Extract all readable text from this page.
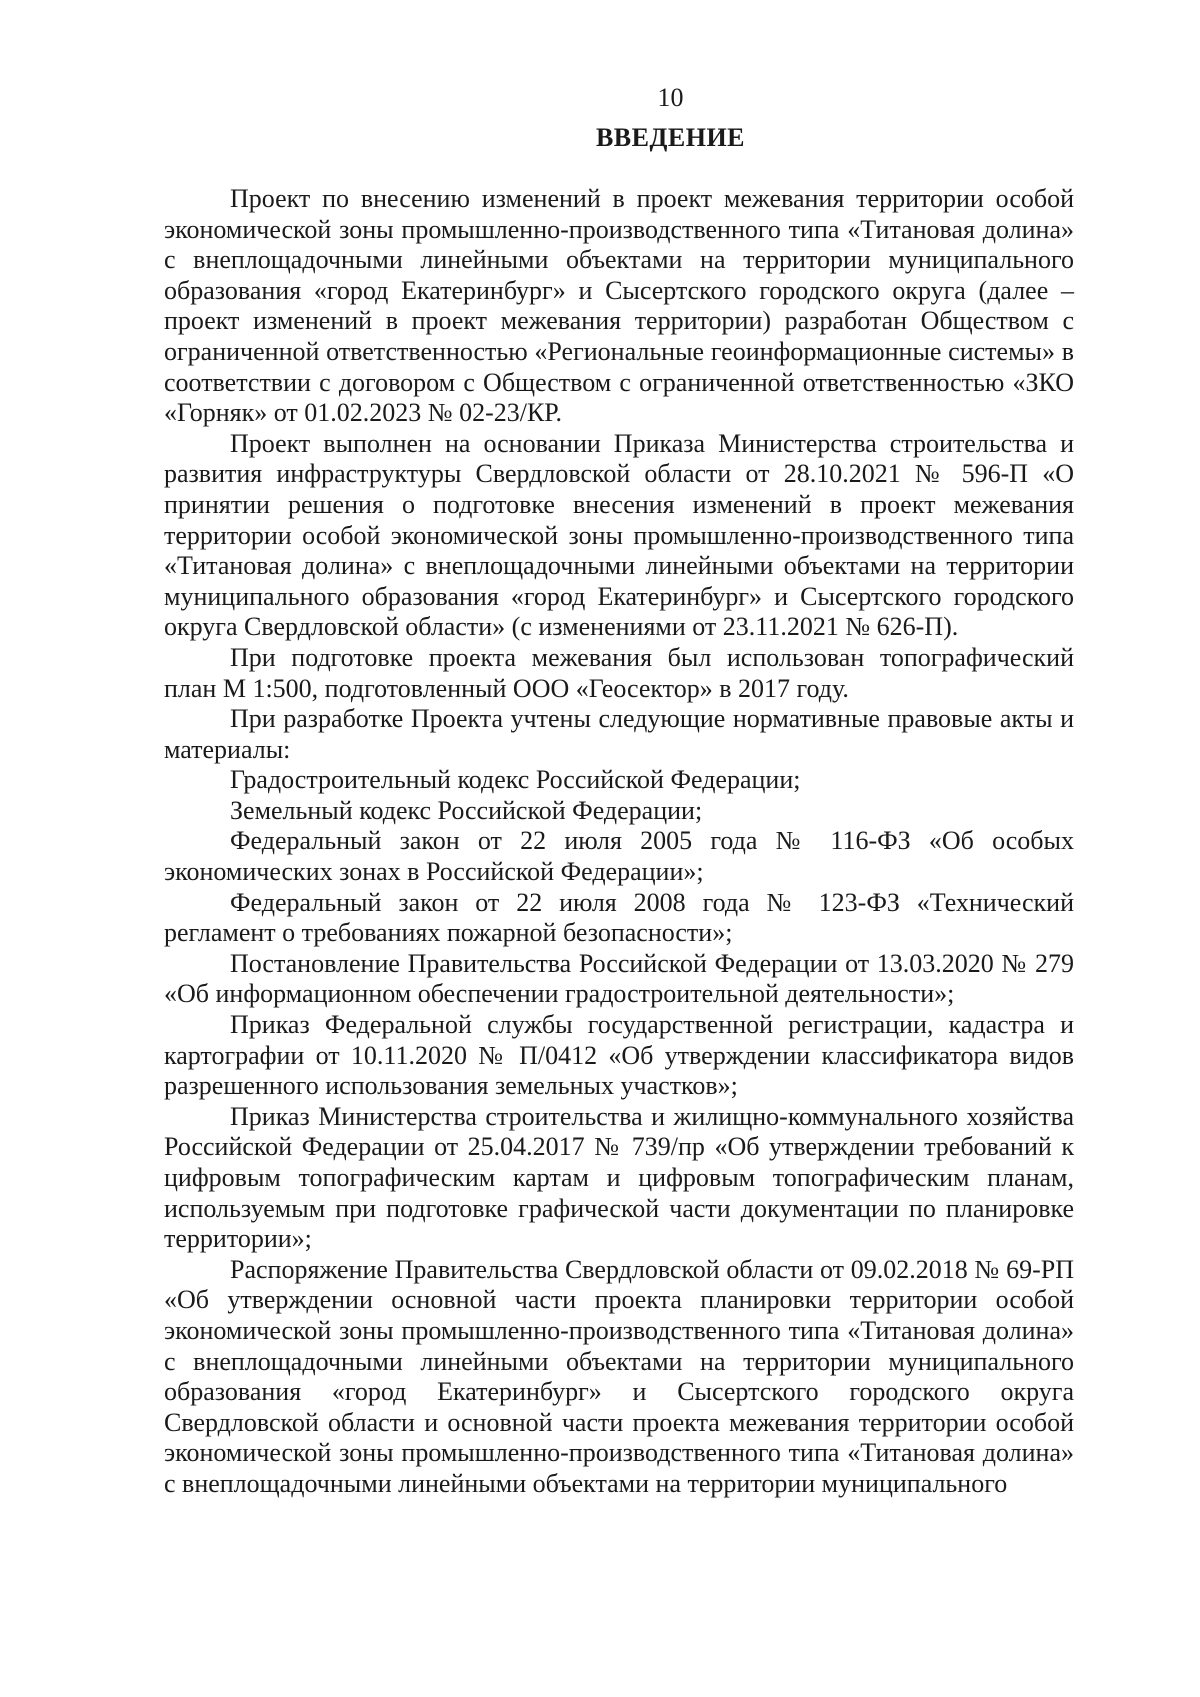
10
ВВЕДЕНИЕ

Проект по внесению изменений в проект межевания территории особой экономической зоны промышленно-производственного типа «Титановая долина» с внеплощадочными линейными объектами на территории муниципального образования «город Екатеринбург» и Сысертского городского округа (далее – проект изменений в проект межевания территории) разработан Обществом с ограниченной ответственностью «Региональные геоинформационные системы» в соответствии с договором с Обществом с ограниченной ответственностью «ЗКО «Горняк» от 01.02.2023 № 02-23/КР.

Проект выполнен на основании Приказа Министерства строительства и развития инфраструктуры Свердловской области от 28.10.2021 № 596-П «О принятии решения о подготовке внесения изменений в проект межевания территории особой экономической зоны промышленно-производственного типа «Титановая долина» с внеплощадочными линейными объектами на территории муниципального образования «город Екатеринбург» и Сысертского городского округа Свердловской области» (с изменениями от 23.11.2021 № 626-П).

При подготовке проекта межевания был использован топографический план М 1:500, подготовленный ООО «Геосектор» в 2017 году.

При разработке Проекта учтены следующие нормативные правовые акты и материалы:

Градостроительный кодекс Российской Федерации;

Земельный кодекс Российской Федерации;

Федеральный закон от 22 июля 2005 года № 116-ФЗ «Об особых экономических зонах в Российской Федерации»;

Федеральный закон от 22 июля 2008 года № 123-ФЗ «Технический регламент о требованиях пожарной безопасности»;

Постановление Правительства Российской Федерации от 13.03.2020 № 279 «Об информационном обеспечении градостроительной деятельности»;

Приказ Федеральной службы государственной регистрации, кадастра и картографии от 10.11.2020 № П/0412 «Об утверждении классификатора видов разрешенного использования земельных участков»;

Приказ Министерства строительства и жилищно-коммунального хозяйства Российской Федерации от 25.04.2017 № 739/пр «Об утверждении требований к цифровым топографическим картам и цифровым топографическим планам, используемым при подготовке графической части документации по планировке территории»;

Распоряжение Правительства Свердловской области от 09.02.2018 № 69-РП «Об утверждении основной части проекта планировки территории особой экономической зоны промышленно-производственного типа «Титановая долина» с внеплощадочными линейными объектами на территории муниципального образования «город Екатеринбург» и Сысертского городского округа Свердловской области и основной части проекта межевания территории особой экономической зоны промышленно-производственного типа «Титановая долина» с внеплощадочными линейными объектами на территории муниципального
